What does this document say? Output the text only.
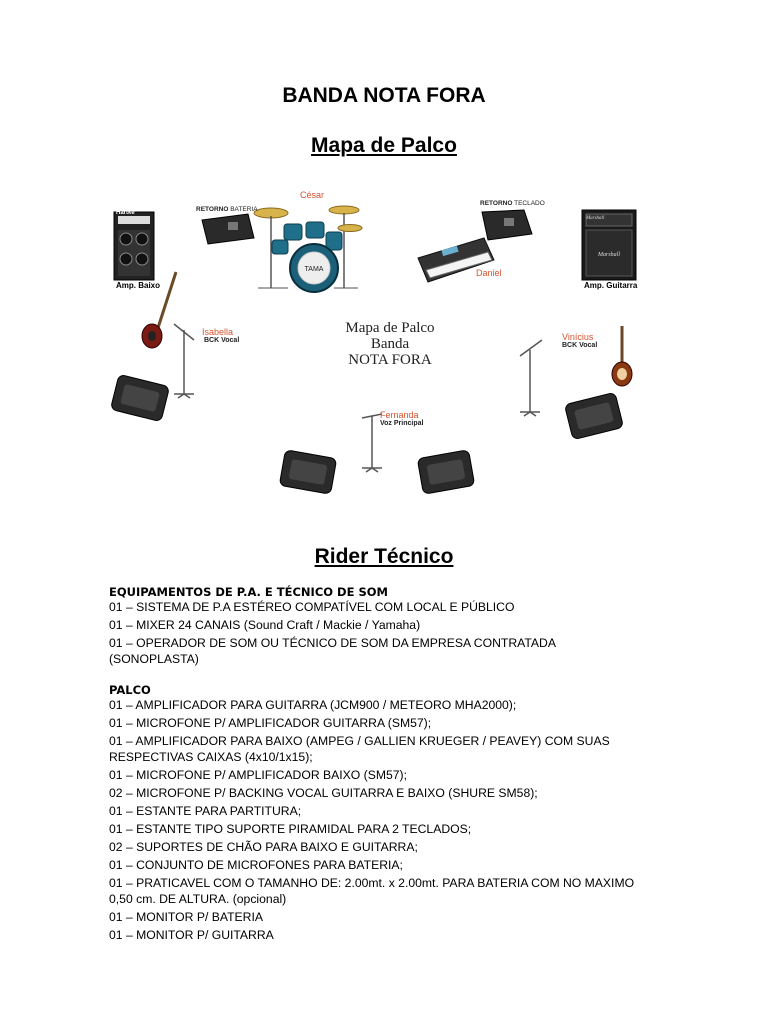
BANDA NOTA FORA
Mapa de Palco
TAMA
Marshall
Hartke
Amp. Baixo
RETORNO BATERIA
César
RETORNO TECLADO
Daniel
Marshall
Amp. Guitarra
Isabella
BCK Vocal	Vinícius
BCK Vocal
Fernanda
Voz Principal
Mapa de Palco
Banda
NOTA FORA
Rider Técnico
EQUIPAMENTOS DE P.A. E TÉCNICO DE SOM
01 – SISTEMA DE P.A ESTÉREO COMPATÍVEL COM LOCAL E PÚBLICO
01 – MIXER 24 CANAIS (Sound Craft / Mackie / Yamaha)
01 – OPERADOR DE SOM OU TÉCNICO DE SOM DA EMPRESA CONTRATADA (SONOPLASTA)
PALCO
01 – AMPLIFICADOR PARA GUITARRA (JCM900 / METEORO MHA2000);
01 – MICROFONE P/ AMPLIFICADOR GUITARRA (SM57);
01 – AMPLIFICADOR PARA BAIXO (AMPEG / GALLIEN KRUEGER / PEAVEY) COM SUAS RESPECTIVAS CAIXAS (4x10/1x15);
01 – MICROFONE P/ AMPLIFICADOR BAIXO (SM57);
02 – MICROFONE P/ BACKING VOCAL GUITARRA E BAIXO (SHURE SM58);
01 – ESTANTE PARA PARTITURA;
01 – ESTANTE TIPO SUPORTE PIRAMIDAL PARA 2 TECLADOS;
02 – SUPORTES DE CHÃO PARA BAIXO E GUITARRA;
01 – CONJUNTO DE MICROFONES PARA BATERIA;
01 – PRATICAVEL COM O TAMANHO DE: 2.00mt. x 2.00mt. PARA BATERIA COM NO MAXIMO 0,50 cm. DE ALTURA. (opcional)
01 – MONITOR P/ BATERIA
01 – MONITOR P/ GUITARRA
